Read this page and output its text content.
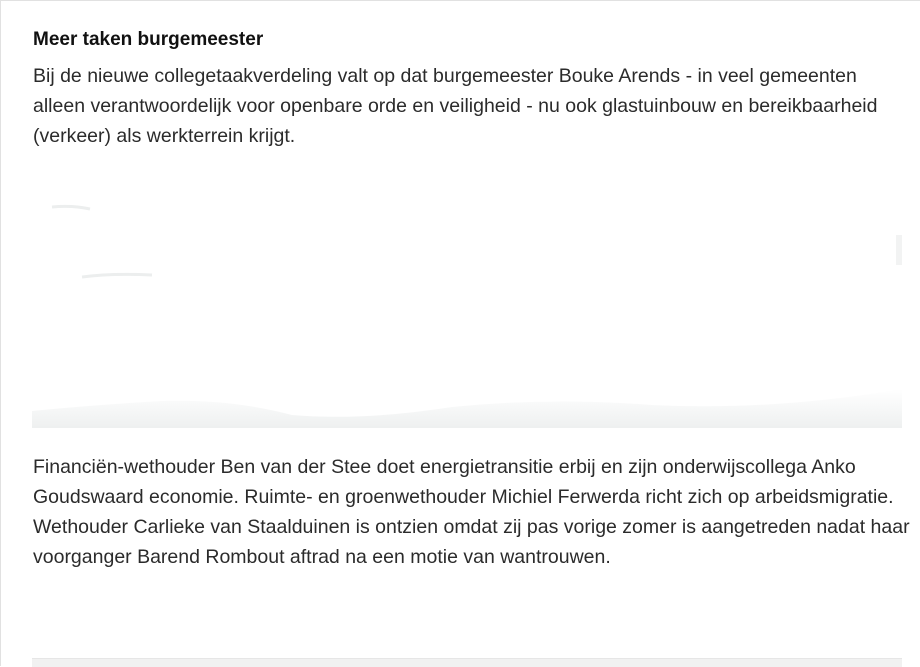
Meer taken burgemeester

Bij de nieuwe collegetaakverdeling valt op dat burgemeester Bouke Arends - in veel gemeenten alleen verantwoordelijk voor openbare orde en veiligheid - nu ook glastuinbouw en bereikbaarheid (verkeer) als werkterrein krijgt.

Financiën-wethouder Ben van der Stee doet energietransitie erbij en zijn onderwijscollega Anko Goudswaard economie. Ruimte- en groenwethouder Michiel Ferwerda richt zich op arbeidsmigratie. Wethouder Carlieke van Staalduinen is ontzien omdat zij pas vorige zomer is aangetreden nadat haar voorganger Barend Rombout aftrad na een motie van wantrouwen.
